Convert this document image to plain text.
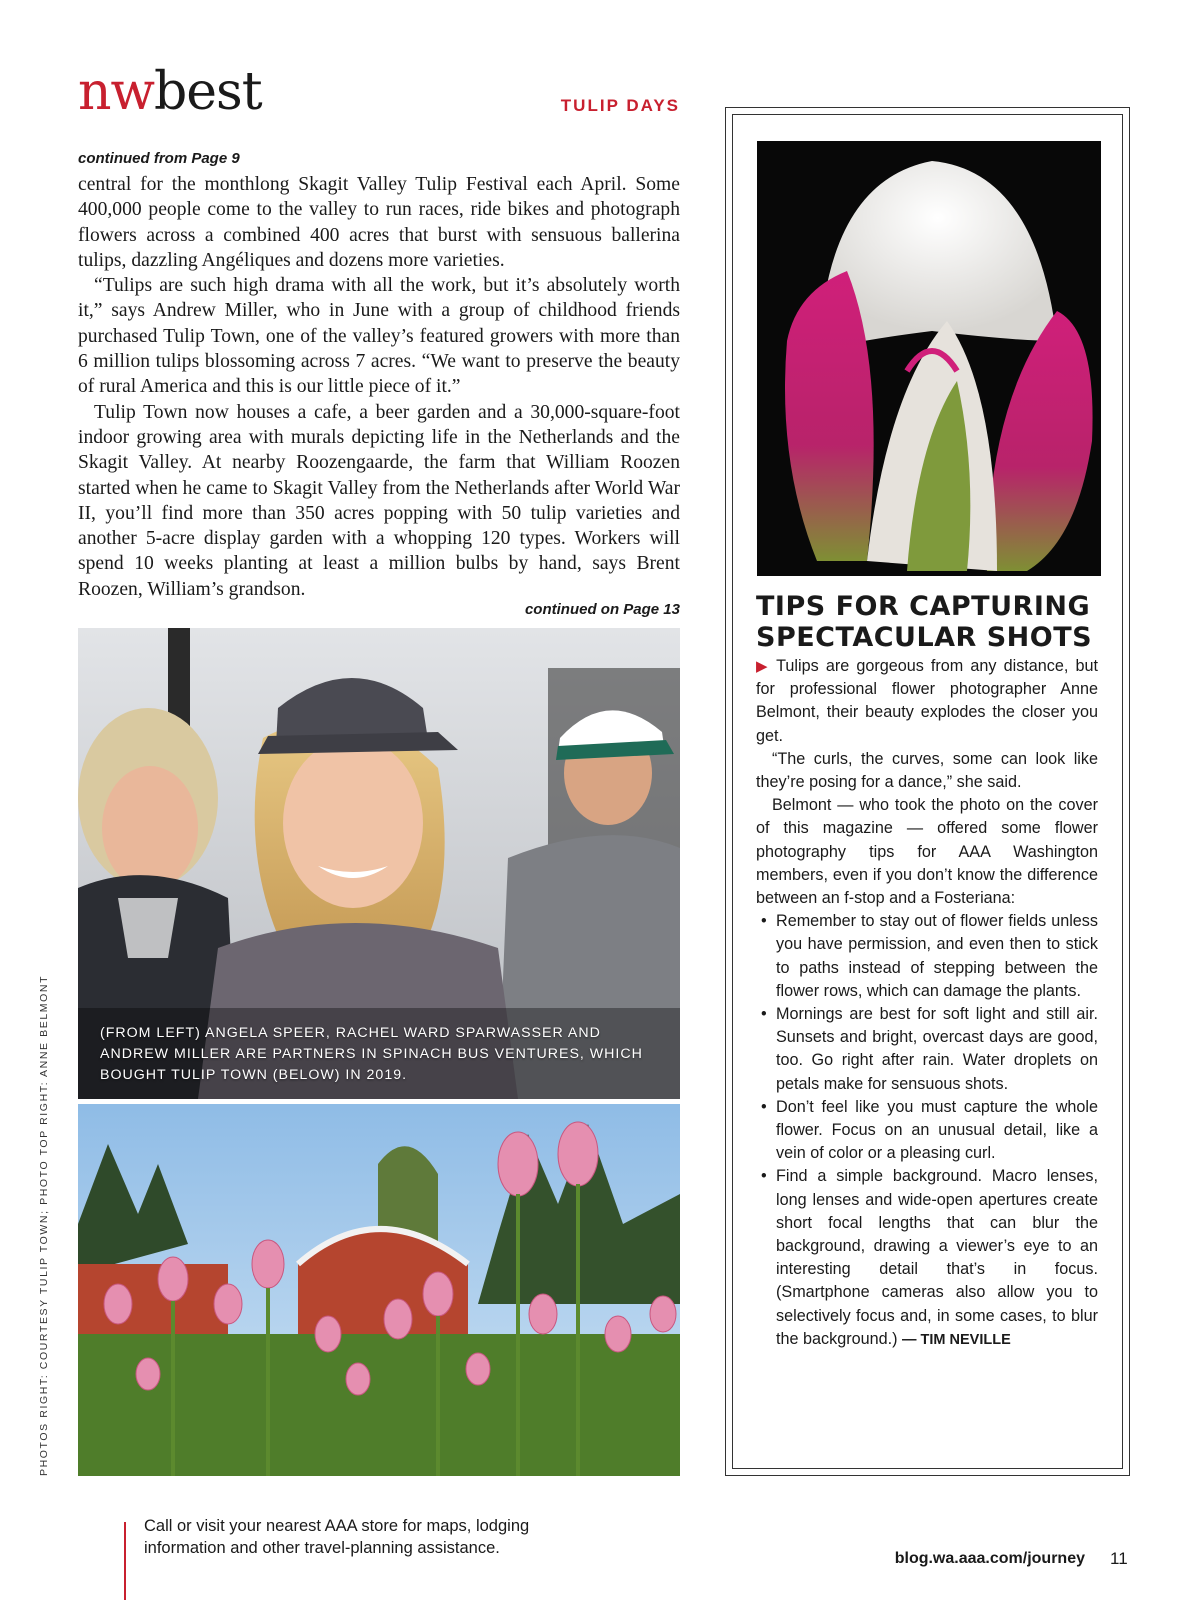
nwbest	TULIP DAYS
continued from Page 9

central for the monthlong Skagit Valley Tulip Festival each April. Some 400,000 people come to the valley to run races, ride bikes and photograph flowers across a combined 400 acres that burst with sensuous ballerina tulips, dazzling Angéliques and dozens more varieties.

“Tulips are such high drama with all the work, but it’s absolutely worth it,” says Andrew Miller, who in June with a group of childhood friends purchased Tulip Town, one of the valley’s featured growers with more than 6 million tulips blossoming across 7 acres. “We want to preserve the beauty of rural America and this is our little piece of it.”

Tulip Town now houses a cafe, a beer garden and a 30,000-square-foot indoor growing area with murals depicting life in the Netherlands and the Skagit Valley. At nearby Roozengaarde, the farm that William Roozen started when he came to Skagit Valley from the Netherlands after World War II, you’ll find more than 350 acres popping with 50 tulip varieties and another 5-acre display garden with a whopping 120 types. Workers will spend 10 weeks planting at least a million bulbs by hand, says Brent Roozen, William’s grandson.

continued on Page 13
(FROM LEFT) ANGELA SPEER, RACHEL WARD SPARWASSER AND ANDREW MILLER ARE PARTNERS IN SPINACH BUS VENTURES, WHICH BOUGHT TULIP TOWN (BELOW) IN 2019.
PHOTOS RIGHT: COURTESY TULIP TOWN; PHOTO TOP RIGHT: ANNE BELMONT
TIPS FOR CAPTURING SPECTACULAR SHOTS

▶ Tulips are gorgeous from any distance, but for professional flower photographer Anne Belmont, their beauty explodes the closer you get.

“The curls, the curves, some can look like they’re posing for a dance,” she said.

Belmont — who took the photo on the cover of this magazine — offered some flower photography tips for AAA Washington members, even if you don’t know the difference between an f-stop and a Fosteriana:

• Remember to stay out of flower fields unless you have permission, and even then to stick to paths instead of stepping between the flower rows, which can damage the plants.
• Mornings are best for soft light and still air. Sunsets and bright, overcast days are good, too. Go right after rain. Water droplets on petals make for sensuous shots.
• Don’t feel like you must capture the whole flower. Focus on an unusual detail, like a vein of color or a pleasing curl.
• Find a simple background. Macro lenses, long lenses and wide-open apertures create short focal lengths that can blur the background, drawing a viewer’s eye to an interesting detail that’s in focus. (Smartphone cameras also allow you to selectively focus and, in some cases, to blur the background.) — TIM NEVILLE
Call or visit your nearest AAA store for maps, lodging information and other travel-planning assistance.
blog.wa.aaa.com/journey 11
